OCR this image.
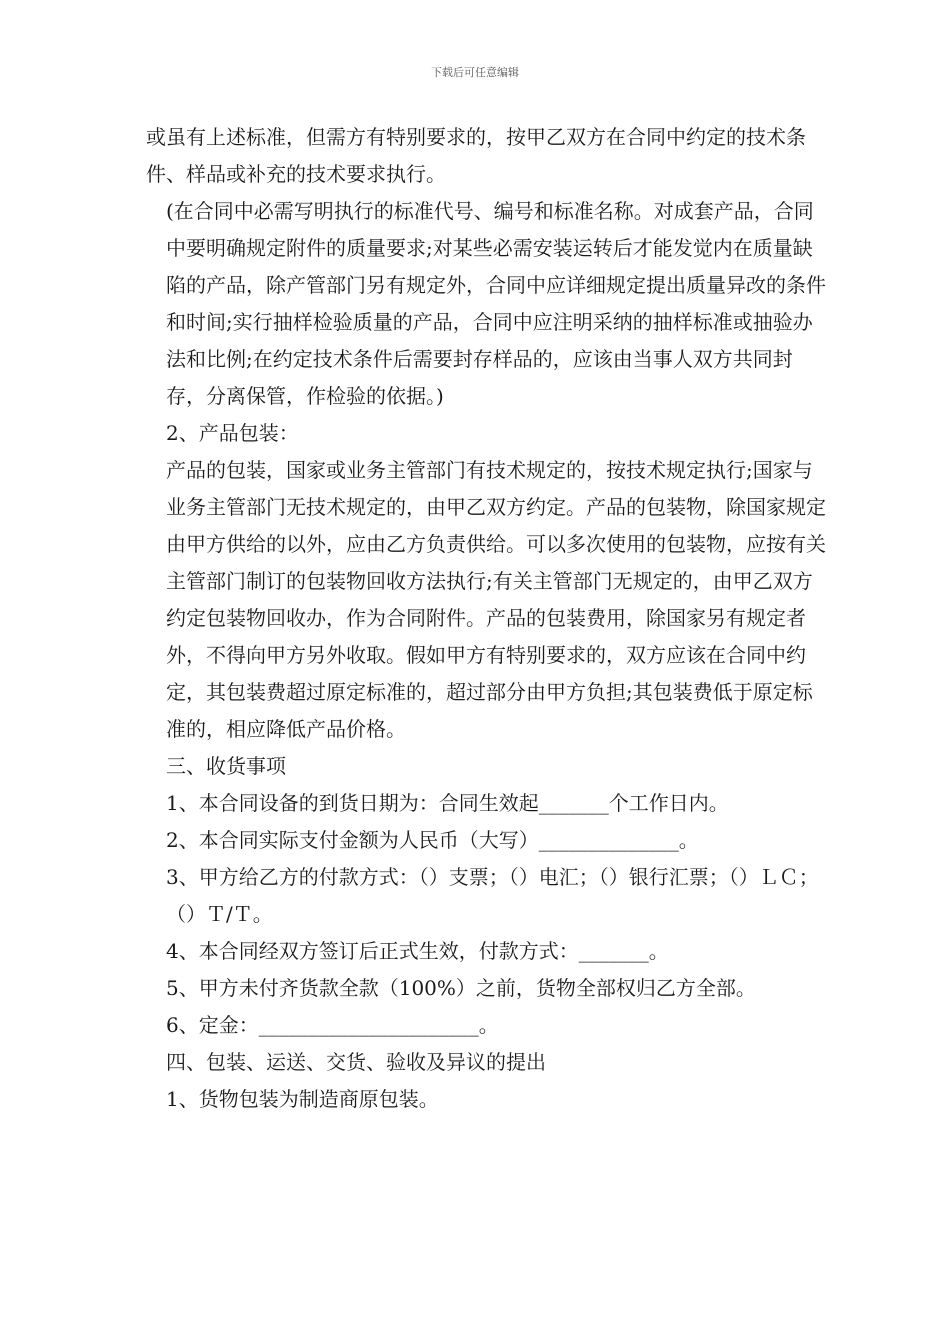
下载后可任意编辑

或虽有上述标准，但需方有特别要求的，按甲乙双方在合同中约定的技术条件、样品或补充的技术要求执行。

(在合同中必需写明执行的标准代号、编号和标准名称。对成套产品，合同中要明确规定附件的质量要求;对某些必需安装运转后才能发觉内在质量缺陷的产品，除产管部门另有规定外，合同中应详细规定提出质量异改的条件和时间;实行抽样检验质量的产品，合同中应注明采纳的抽样标准或抽验办法和比例;在约定技术条件后需要封存样品的，应该由当事人双方共同封存，分离保管，作检验的依据。)

2、产品包装：

产品的包装，国家或业务主管部门有技术规定的，按技术规定执行;国家与业务主管部门无技术规定的，由甲乙双方约定。产品的包装物，除国家规定由甲方供给的以外，应由乙方负责供给。可以多次使用的包装物，应按有关主管部门制订的包装物回收方法执行;有关主管部门无规定的，由甲乙双方约定包装物回收办，作为合同附件。产品的包装费用，除国家另有规定者外，不得向甲方另外收取。假如甲方有特别要求的，双方应该在合同中约定，其包装费超过原定标准的，超过部分由甲方负担;其包装费低于原定标准的，相应降低产品价格。

三、收货事项

1、本合同设备的到货日期为：合同生效起_______个工作日内。

2、本合同实际支付金额为人民币（大写）______________。

3、甲方给乙方的付款方式：（）支票；（）电汇；（）银行汇票；（）ＬＣ；（）Ｔ/Ｔ。

4、本合同经双方签订后正式生效，付款方式：_______。

5、甲方未付齐货款全款（100%）之前，货物全部权归乙方全部。

6、定金：______________________。

四、包装、运送、交货、验收及异议的提出

1、货物包装为制造商原包装。
